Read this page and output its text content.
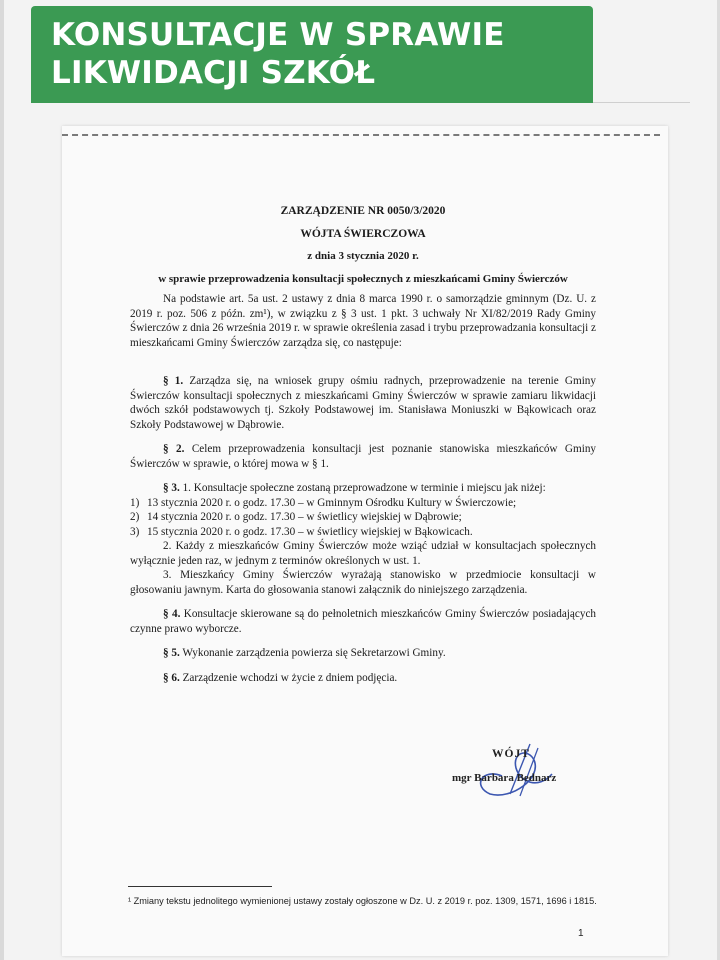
KONSULTACJE W SPRAWIE
LIKWIDACJI SZKÓŁ
ZARZĄDZENIE NR 0050/3/2020
WÓJTA ŚWIERCZOWA
z dnia 3 stycznia 2020 r.
w sprawie przeprowadzenia konsultacji społecznych z mieszkańcami Gminy Świerczów

Na podstawie art. 5a ust. 2 ustawy z dnia 8 marca 1990 r. o samorządzie gminnym (Dz. U. z 2019 r. poz. 506 z późn. zm¹), w związku z § 3 ust. 1 pkt. 3 uchwały Nr XI/82/2019 Rady Gminy Świerczów z dnia 26 września 2019 r. w sprawie określenia zasad i trybu przeprowadzania konsultacji z mieszkańcami Gminy Świerczów zarządza się, co następuje:

§ 1. Zarządza się, na wniosek grupy ośmiu radnych, przeprowadzenie na terenie Gminy Świerczów konsultacji społecznych z mieszkańcami Gminy Świerczów w sprawie zamiaru likwidacji dwóch szkół podstawowych tj. Szkoły Podstawowej im. Stanisława Moniuszki w Bąkowicach oraz Szkoły Podstawowej w Dąbrowie.

§ 2. Celem przeprowadzenia konsultacji jest poznanie stanowiska mieszkańców Gminy Świerczów w sprawie, o której mowa w § 1.

§ 3. 1. Konsultacje społeczne zostaną przeprowadzone w terminie i miejscu jak niżej:

1) 13 stycznia 2020 r. o godz. 17.30 – w Gminnym Ośrodku Kultury w Świerczowie;
2) 14 stycznia 2020 r. o godz. 17.30 – w świetlicy wiejskiej w Dąbrowie;
3) 15 stycznia 2020 r. o godz. 17.30 – w świetlicy wiejskiej w Bąkowicach.

2. Każdy z mieszkańców Gminy Świerczów może wziąć udział w konsultacjach społecznych wyłącznie jeden raz, w jednym z terminów określonych w ust. 1.

3. Mieszkańcy Gminy Świerczów wyrażają stanowisko w przedmiocie konsultacji w głosowaniu jawnym. Karta do głosowania stanowi załącznik do niniejszego zarządzenia.

§ 4. Konsultacje skierowane są do pełnoletnich mieszkańców Gminy Świerczów posiadających czynne prawo wyborcze.

§ 5. Wykonanie zarządzenia powierza się Sekretarzowi Gminy.

§ 6. Zarządzenie wchodzi w życie z dniem podjęcia.

WÓJT
mgr Barbara Bednarz
¹ Zmiany tekstu jednolitego wymienionej ustawy zostały ogłoszone w Dz. U. z 2019 r. poz. 1309, 1571, 1696 i 1815.
1
